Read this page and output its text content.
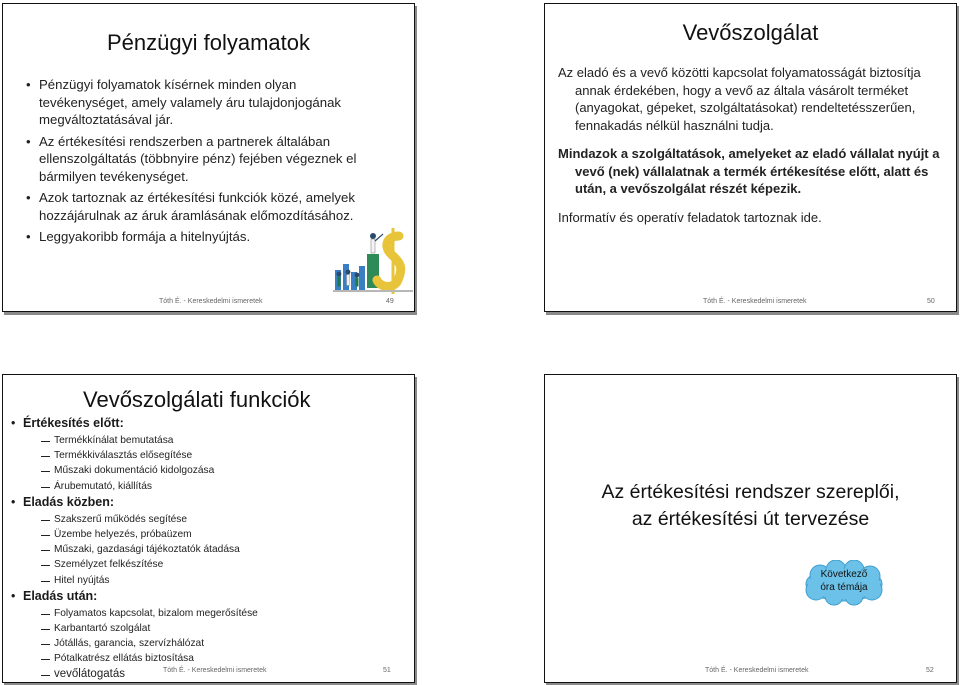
Pénzügyi folyamatok
• Pénzügyi folyamatok kísérnek minden olyan tevékenységet, amely valamely áru tulajdonjogának megváltoztatásával jár.
• Az értékesítési rendszerben a partnerek általában ellenszolgáltatás (többnyire pénz) fejében végeznek el bármilyen tevékenységet.
• Azok tartoznak az értékesítési funkciók közé, amelyek hozzájárulnak az áruk áramlásának előmozdításához.
• Leggyakoribb formája a hitelnyújtás.
Tóth É. - Kereskedelmi ismeretek	49
Vevőszolgálat

Az eladó és a vevő közötti kapcsolat folyamatosságát biztosítja annak érdekében, hogy a vevő az általa vásárolt terméket (anyagokat, gépeket, szolgáltatásokat) rendeltetésszerűen, fennakadás nélkül használni tudja.

Mindazok a szolgáltatások, amelyeket az eladó vállalat nyújt a vevő (nek) vállalatnak a termék értékesítése előtt, alatt és után, a vevőszolgálat részét képezik.

Informatív és operatív feladatok tartoznak ide.

Tóth É. - Kereskedelmi ismeretek	50
Vevőszolgálati funkciók
• Értékesítés előtt:
Termékkínálat bemutatása
Termékkiválasztás elősegítése
Műszaki dokumentáció kidolgozása
Árubemutató, kiállítás
• Eladás közben:
Szakszerű működés segítése
Üzembe helyezés, próbaüzem
Műszaki, gazdasági tájékoztatók átadása
Személyzet felkészítése
Hitel nyújtás
• Eladás után:
Folyamatos kapcsolat, bizalom megerősítése
Karbantartó szolgálat
Jótállás, garancia, szervízhálózat
Pótalkatrész ellátás biztosítása
vevőlátogatás	Tóth É. - Kereskedelmi ismeretek	51
Az értékesítési rendszer szereplői,
az értékesítési út tervezése
Következő
óra témája
Tóth É. - Kereskedelmi ismeretek	52
